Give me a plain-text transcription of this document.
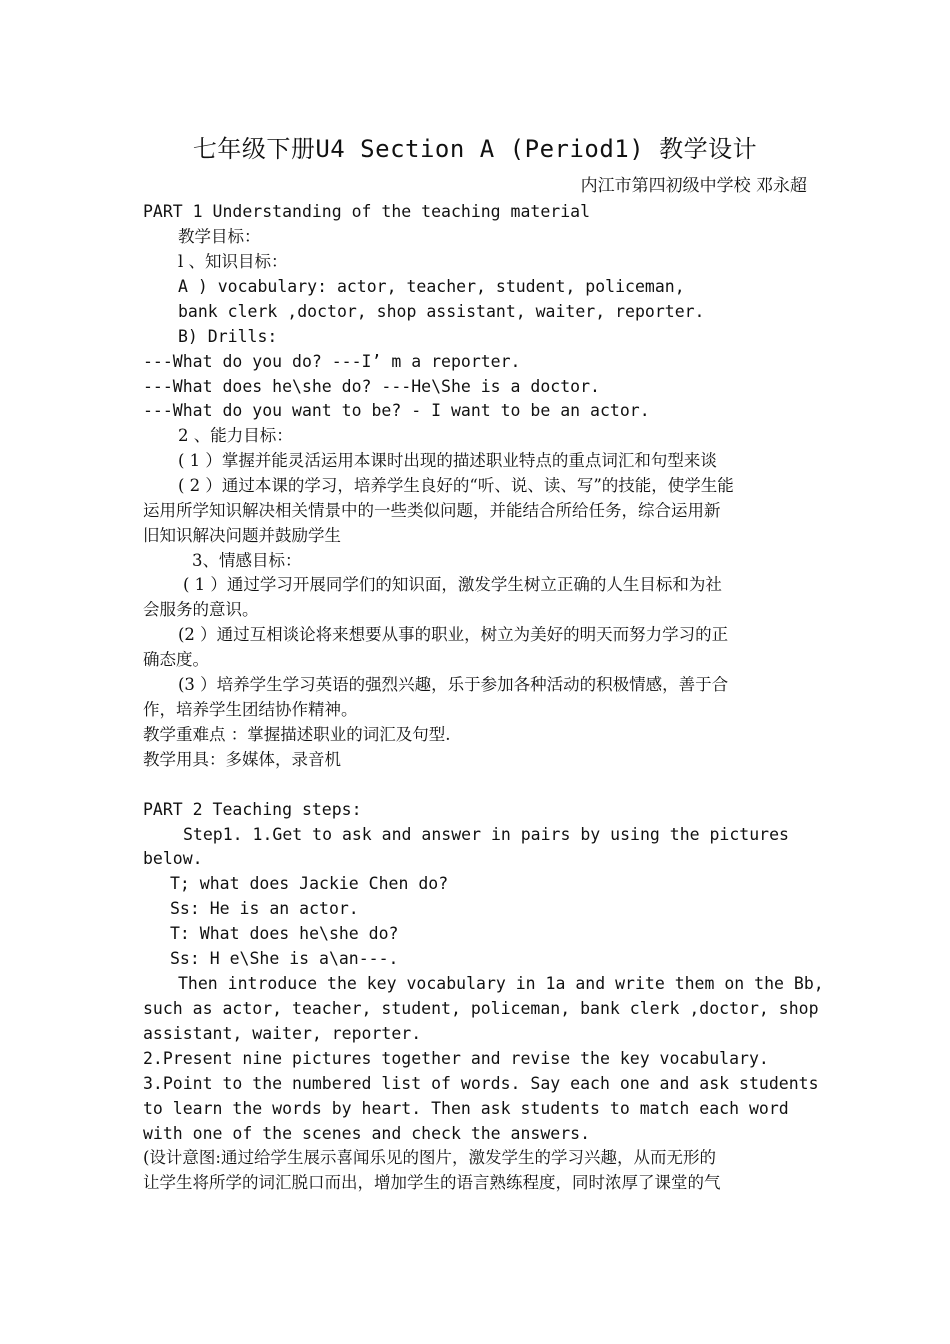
七年级下册U4 Section A (Period1) 教学设计
内江市第四初级中学校 邓永超
PART 1 Understanding of the teaching material
教学目标：
l 、知识目标：
A ) vocabulary: actor, teacher, student, policeman,
bank clerk ,doctor, shop assistant, waiter, reporter.
B) Drills:
---What do you do? ---I’ m a reporter.
---What does he\she do? ---He\She is a doctor.
---What do you want to be? - I want to be an actor.
2 、能力目标：
( 1 ）掌握并能灵活运用本课时出现的描述职业特点的重点词汇和句型来谈
( 2 ）通过本课的学习，培养学生良好的“听、说、读、写”的技能，使学生能
运用所学知识解决相关情景中的一些类似问题，并能结合所给任务，综合运用新
旧知识解决问题并鼓励学生
3、情感目标：
( 1 ）通过学习开展同学们的知识面，激发学生树立正确的人生目标和为社
会服务的意识。
(2 ）通过互相谈论将来想要从事的职业，树立为美好的明天而努力学习的正
确态度。
(3 ）培养学生学习英语的强烈兴趣，乐于参加各种活动的积极情感，善于合
作，培养学生团结协作精神。
教学重难点 ：掌握描述职业的词汇及句型.
教学用具：多媒体，录音机
PART 2 Teaching steps:
Step1. 1.Get to ask and answer in pairs by using the pictures
below.
T; what does Jackie Chen do?
Ss: He is an actor.
T: What does he\she do?
Ss: H e\She is a\an---.
Then introduce the key vocabulary in 1a and write them on the Bb,
such as actor, teacher, student, policeman, bank clerk ,doctor, shop
assistant, waiter, reporter.
2.Present nine pictures together and revise the key vocabulary.
3.Point to the numbered list of words. Say each one and ask students
to learn the words by heart. Then ask students to match each word
with one of the scenes and check the answers.
(设计意图:通过给学生展示喜闻乐见的图片，激发学生的学习兴趣，从而无形的
让学生将所学的词汇脱口而出，增加学生的语言熟练程度，同时浓厚了课堂的气
